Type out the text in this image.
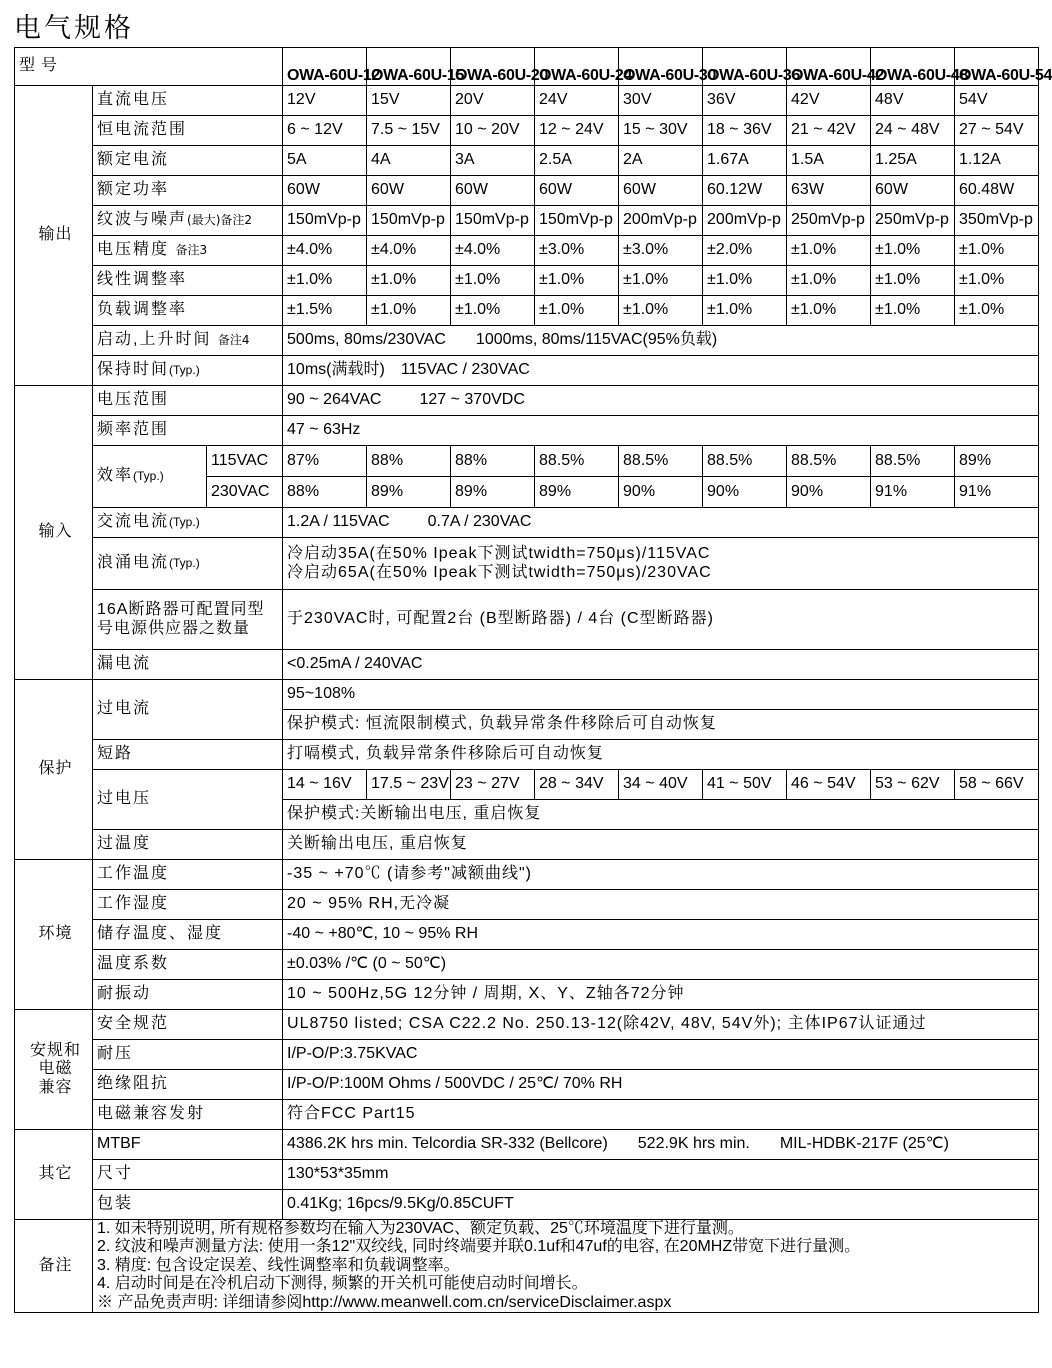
电气规格
型号			OWA-60U-12	OWA-60U-15	OWA-60U-20	OWA-60U-24	OWA-60U-30	OWA-60U-36	OWA-60U-42	OWA-60U-48	OWA-60U-54
输出	直流电压		12V	15V	20V	24V	30V	36V	42V	48V	54V
	恒电流范围		6 ~ 12V	7.5 ~ 15V	10 ~ 20V	12 ~ 24V	15 ~ 30V	18 ~ 36V	21 ~ 42V	24 ~ 48V	27 ~ 54V
	额定电流		5A	4A	3A	2.5A	2A	1.67A	1.5A	1.25A	1.12A
	额定功率		60W	60W	60W	60W	60W	60.12W	63W	60W	60.48W
	纹波与噪声(最大)备注2		150mVp-p	150mVp-p	150mVp-p	150mVp-p	200mVp-p	200mVp-p	250mVp-p	250mVp-p	350mVp-p
	电压精度 备注3		±4.0%	±4.0%	±4.0%	±3.0%	±3.0%	±2.0%	±1.0%	±1.0%	±1.0%
	线性调整率		±1.0%	±1.0%	±1.0%	±1.0%	±1.0%	±1.0%	±1.0%	±1.0%	±1.0%
	负载调整率		±1.5%	±1.0%	±1.0%	±1.0%	±1.0%	±1.0%	±1.0%	±1.0%	±1.0%
	启动,上升时间 备注4		500ms, 80ms/230VAC 1000ms, 80ms/115VAC(95%负载)								
	保持时间(Typ.)		10ms(满载时) 115VAC / 230VAC								
输入	电压范围		90 ~ 264VAC 127 ~ 370VDC								
	频率范围		47 ~ 63Hz								
	效率(Typ.)	115VAC	87%	88%	88%	88.5%	88.5%	88.5%	88.5%	88.5%	89%
		230VAC	88%	89%	89%	89%	90%	90%	90%	91%	91%
	交流电流(Typ.)		1.2A / 115VAC 0.7A / 230VAC								
	浪涌电流(Typ.)		冷启动35A(在50% Ipeak下测试twidth=750μs)/115VAC
冷启动65A(在50% Ipeak下测试twidth=750μs)/230VAC								

	16A断路器可配置同型
号电源供应器之数量		于230VAC时, 可配置2台 (B型断路器) / 4台 (C型断路器)								
	漏电流		<0.25mA / 240VAC								
保护	过电流		95~108%								
			保护模式: 恒流限制模式, 负载异常条件移除后可自动恢复								
	短路		打嗝模式, 负载异常条件移除后可自动恢复								
	过电压		14 ~ 16V	17.5 ~ 23V	23 ~ 27V	28 ~ 34V	34 ~ 40V	41 ~ 50V	46 ~ 54V	53 ~ 62V	58 ~ 66V
			保护模式:关断输出电压, 重启恢复								
	过温度		关断输出电压, 重启恢复								
环境	工作温度		-35 ~ +70℃ (请参考"减额曲线")								
	工作湿度		20 ~ 95% RH,无冷凝								
	储存温度、湿度		-40 ~ +80℃, 10 ~ 95% RH								
	温度系数		±0.03% /℃ (0 ~ 50℃)								
	耐振动		10 ~ 500Hz,5G 12分钟 / 周期, X、Y、Z轴各72分钟								

安规和
电磁
兼容	安全规范		UL8750 listed; CSA C22.2 No. 250.13-12(除42V, 48V, 54V外); 主体IP67认证通过								
	耐压		I/P-O/P:3.75KVAC								
	绝缘阻抗		I/P-O/P:100M Ohms / 500VDC / 25℃/ 70% RH								
	电磁兼容发射		符合FCC Part15								
其它	MTBF		4386.2K hrs min. Telcordia SR-332 (Bellcore) 522.9K hrs min. MIL-HDBK-217F (25℃)								
	尺寸		130*53*35mm								
	包装		0.41Kg; 16pcs/9.5Kg/0.85CUFT								
备注	1. 如未特别说明, 所有规格参数均在输入为230VAC、额定负载、25℃环境温度下进行量测。
2. 纹波和噪声测量方法: 使用一条12"双绞线, 同时终端要并联0.1uf和47uf的电容, 在20MHZ带宽下进行量测。
3. 精度: 包含设定误差、线性调整率和负载调整率。
4. 启动时间是在冷机启动下测得, 频繁的开关机可能使启动时间增长。
※ 产品免责声明: 详细请参阅http://www.meanwell.com.cn/serviceDisclaimer.aspx										
